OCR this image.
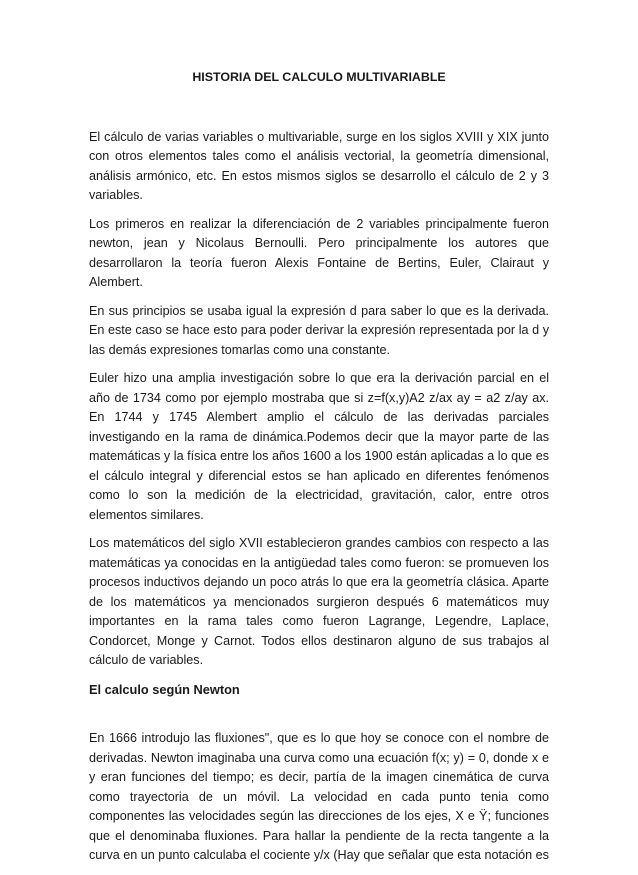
HISTORIA DEL CALCULO MULTIVARIABLE

El cálculo de varias variables o multivariable, surge en los siglos XVIII y XIX junto con otros elementos tales como el análisis vectorial, la geometría dimensional, análisis armónico, etc. En estos mismos siglos se desarrollo el cálculo de 2 y 3 variables.

Los primeros en realizar la diferenciación de 2 variables principalmente fueron newton, jean y Nicolaus Bernoulli. Pero principalmente los autores que desarrollaron la teoría fueron Alexis Fontaine de Bertins, Euler, Clairaut y Alembert.

En sus principios se usaba igual la expresión d para saber lo que es la derivada. En este caso se hace esto para poder derivar la expresión representada por la d y las demás expresiones tomarlas como una constante.

Euler hizo una amplia investigación sobre lo que era la derivación parcial en el año de 1734 como por ejemplo mostraba que si z=f(x,y)A2 z/ax ay = a2 z/ay ax. En 1744 y 1745 Alembert amplio el cálculo de las derivadas parciales investigando en la rama de dinámica.Podemos decir que la mayor parte de las matemáticas y la física entre los años 1600 a los 1900 están aplicadas a lo que es el cálculo integral y diferencial estos se han aplicado en diferentes fenómenos como lo son la medición de la electricidad, gravitación, calor, entre otros elementos similares.

Los matemáticos del siglo XVII establecieron grandes cambios con respecto a las matemáticas ya conocidas en la antigüedad tales como fueron: se promueven los procesos inductivos dejando un poco atrás lo que era la geometría clásica. Aparte de los matemáticos ya mencionados surgieron después 6 matemáticos muy importantes en la rama tales como fueron Lagrange, Legendre, Laplace, Condorcet, Monge y Carnot. Todos ellos destinaron alguno de sus trabajos al cálculo de variables.

El calculo según Newton

En 1666 introdujo las fluxiones", que es lo que hoy se conoce con el nombre de derivadas. Newton imaginaba una curva como una ecuación f(x; y) = 0, donde x e y eran funciones del tiempo; es decir, partía de la imagen cinemática de curva como trayectoria de un móvil. La velocidad en cada punto tenia como componentes las velocidades según las direcciones de los ejes, X e Ÿ; funciones que el denominaba fluxiones. Para hallar la pendiente de la recta tangente a la curva en un punto calculaba el cociente y/x (Hay que señalar que esta notación es
